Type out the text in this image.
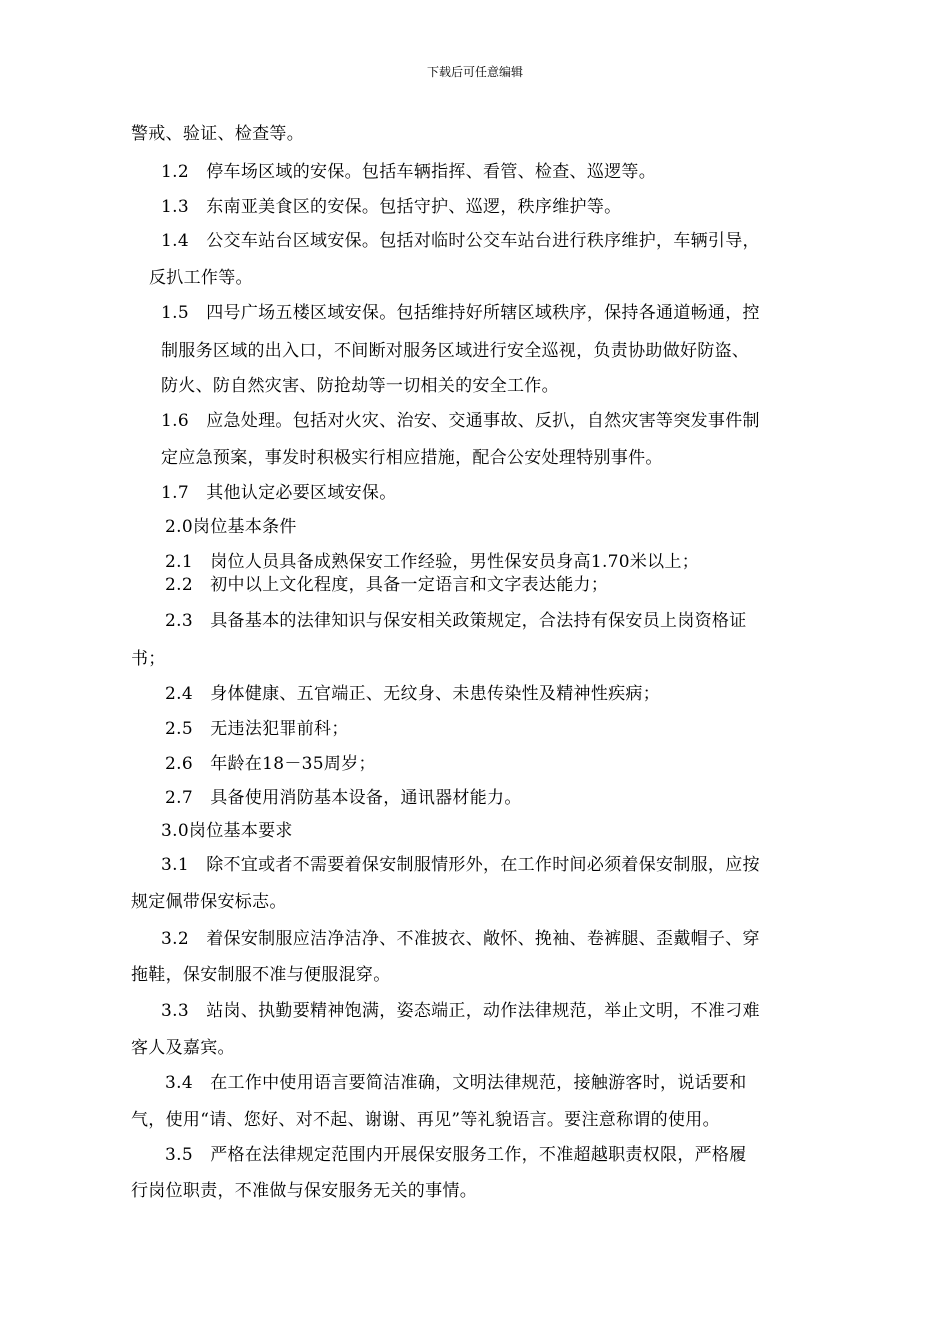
下载后可任意编辑
警戒、验证、检查等。
1.2　停车场区域的安保。包括车辆指挥、看管、检查、巡逻等。
1.3　东南亚美食区的安保。包括守护、巡逻，秩序维护等。
1.4　公交车站台区域安保。包括对临时公交车站台进行秩序维护，车辆引导，
反扒工作等。
1.5　四号广场五楼区域安保。包括维持好所辖区域秩序，保持各通道畅通，控
制服务区域的出入口，不间断对服务区域进行安全巡视，负责协助做好防盗、
防火、防自然灾害、防抢劫等一切相关的安全工作。
1.6　应急处理。包括对火灾、治安、交通事故、反扒，自然灾害等突发事件制
定应急预案，事发时积极实行相应措施，配合公安处理特别事件。
1.7　其他认定必要区域安保。
2.0岗位基本条件
2.1　岗位人员具备成熟保安工作经验，男性保安员身高1.70米以上；
2.2　初中以上文化程度，具备一定语言和文字表达能力；
2.3　具备基本的法律知识与保安相关政策规定，合法持有保安员上岗资格证
书；
2.4　身体健康、五官端正、无纹身、未患传染性及精神性疾病；
2.5　无违法犯罪前科；
2.6　年龄在18－35周岁；
2.7　具备使用消防基本设备，通讯器材能力。
3.0岗位基本要求
3.1　除不宜或者不需要着保安制服情形外，在工作时间必须着保安制服，应按
规定佩带保安标志。
3.2　着保安制服应洁净洁净、不准披衣、敞怀、挽袖、卷裤腿、歪戴帽子、穿
拖鞋，保安制服不准与便服混穿。
3.3　站岗、执勤要精神饱满，姿态端正，动作法律规范，举止文明，不准刁难
客人及嘉宾。
3.4　在工作中使用语言要简洁准确，文明法律规范，接触游客时，说话要和
气，使用“请、您好、对不起、谢谢、再见”等礼貌语言。要注意称谓的使用。
3.5　严格在法律规定范围内开展保安服务工作，不准超越职责权限，严格履
行岗位职责，不准做与保安服务无关的事情。
